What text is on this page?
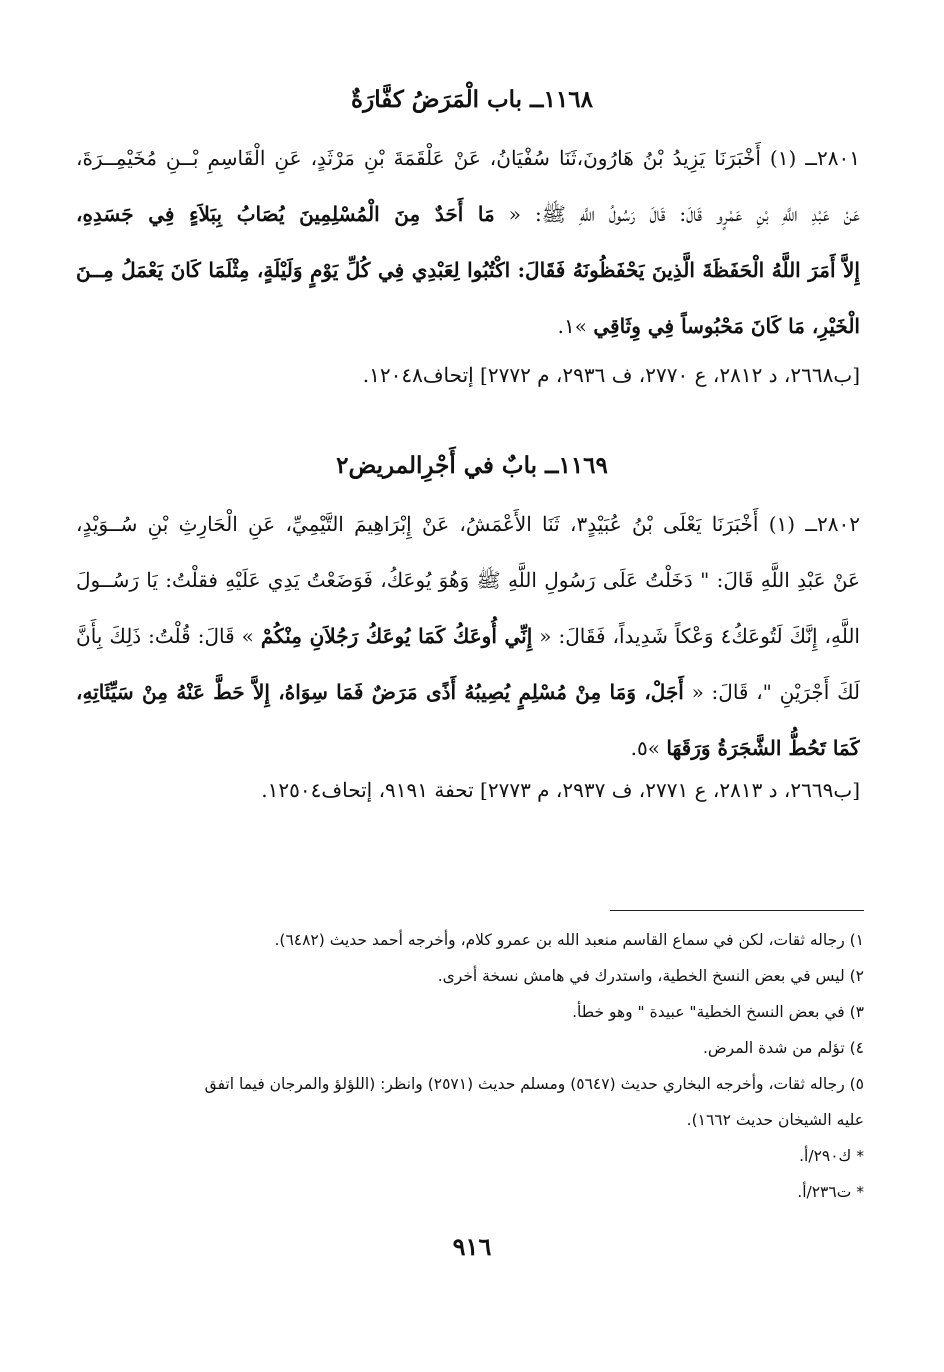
١١٦٨ــ باب الْمَرَضُ كفَّارَةٌ
٢٨٠١ــ (١) أَخْبَرَنَا يَزِيدُ بْنُ هَارُونَ،ثَنَا سُفْيَانُ، عَنْ عَلْقَمَةَ بْنِ مَرْثَدٍ، عَنِ الْقَاسِمِ بْــنِ مُخَيْمِــرَةَ،
عَنْ عَبْدِ اللَّهِ بْنِ عَمْرٍو قَالَ: قَالَ رَسُولُ اللَّهِ ﷺ: « مَا أَحَدٌ مِنَ الْمُسْلِمِينَ يُصَابُ بِبَلاَءٍ فِي جَسَدِهِ،
إِلاَّ أَمَرَ اللَّهُ الْحَفَظَةَ الَّذِينَ يَحْفَظُونَهُ فَقَالَ: اكْتُبُوا لِعَبْدِي فِي كُلِّ يَوْمٍ وَلَيْلَةٍ، مِثْلَمَا كَانَ يَعْمَلُ مِــنَ
الْخَيْرِ، مَا كَانَ مَحْبُوساً فِي وِثَاقِي »١.
[ب٢٦٦٨، د ٢٨١٢، ع ٢٧٧٠، ف ٢٩٣٦، م ٢٧٧٢] إتحاف١٢٠٤٨.
١١٦٩ــ بابٌ في أَجْرِالمريض٢
٢٨٠٢ــ (١) أَخْبَرَنَا يَعْلَى بْنُ عُبَيْدٍ٣، ثَنَا الأَعْمَشُ، عَنْ إِبْرَاهِيمَ التَّيْمِيِّ، عَنِ الْحَارِثِ بْنِ سُــوَيْدٍ،
عَنْ عَبْدِ اللَّهِ قَالَ: " دَخَلْتُ عَلَى رَسُولِ اللَّهِ ﷺ وَهُوَ يُوعَكُ، فَوَضَعْتُ يَدِي عَلَيْهِ فقلْتُ: يَا رَسُــولَ
اللَّهِ، إِنَّكَ لَتُوعَكُ٤ وَعْكاً شَدِيداً، فَقَالَ: « إِنِّي أُوعَكُ كَمَا يُوعَكُ رَجُلاَنِ مِنْكُمْ » قَالَ: قُلْتُ: ذَلِكَ بِأَنَّ
لَكَ أَجْرَيْنِ "، قَالَ: « أَجَلْ، وَمَا مِنْ مُسْلِمٍ يُصِيبُهُ أَذًى مَرَضٌ فَمَا سِوَاهُ، إِلاَّ حَطَّ عَنْهُ مِنْ سَيِّئَاتِهِ،
كَمَا تَحُطُّ الشَّجَرَةُ وَرَقَهَا »٥.
[ب٢٦٦٩، د ٢٨١٣، ع ٢٧٧١، ف ٢٩٣٧، م ٢٧٧٣] تحفة ٩١٩١، إتحاف١٢٥٠٤.
١) رجاله ثقات، لكن في سماع القاسم منعبد الله بن عمرو كلام، وأخرجه أحمد حديث (٦٤٨٢).
٢) ليس في بعض النسخ الخطية، واستدرك في هامش نسخة أخرى.
٣) في بعض النسخ الخطية" عبيدة " وهو خطأ.
٤) تؤلم من شدة المرض.
٥) رجاله ثقات، وأخرجه البخاري حديث (٥٦٤٧) ومسلم حديث (٢٥٧١) وانظر: (اللؤلؤ والمرجان فيما اتفق
عليه الشيخان حديث ١٦٦٢).
* ك٢٩٠/أ.
* ت٢٣٦/أ.
٩١٦
